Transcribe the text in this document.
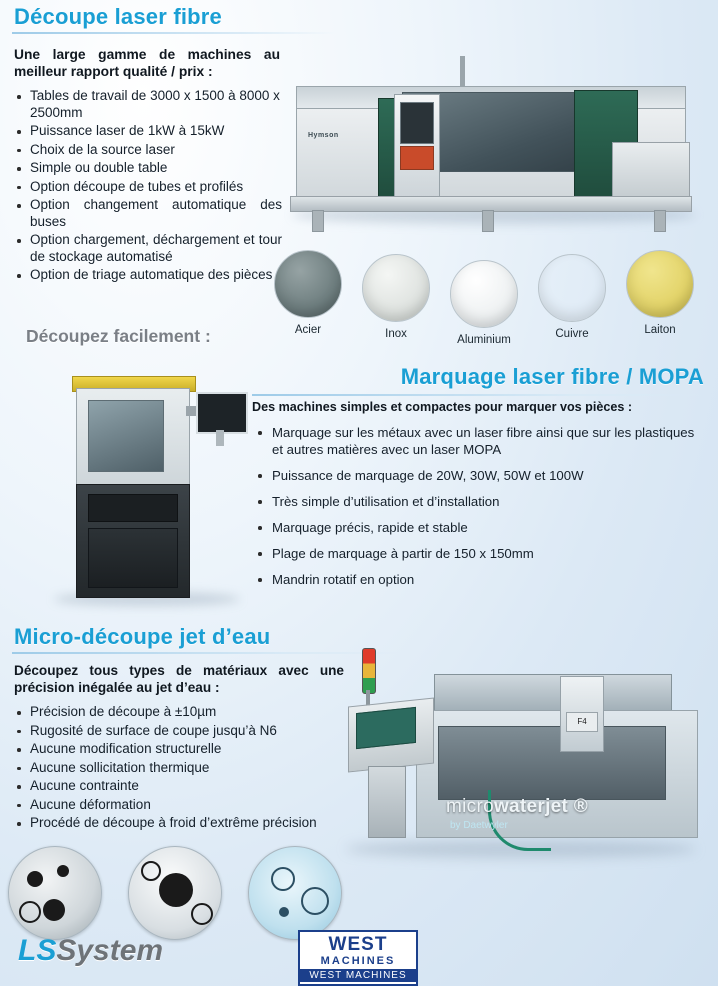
Découpe laser fibre
Une large gamme de machines au meilleur rapport qualité / prix :
Tables de travail de 3000 x 1500 à 8000 x 2500mm
Puissance laser de 1kW à 15kW
Choix de la source laser
Simple ou double table
Option découpe de tubes et profilés
Option changement automatique des buses
Option chargement, déchargement et tour de stockage automatisé
Option de triage automatique des pièces
Hymson
Acier	Inox	Aluminium	Cuivre	Laiton
Découpez facilement :
Marquage laser fibre / MOPA
Des machines simples et compactes pour marquer vos pièces :
Marquage sur les métaux avec un laser fibre ainsi que sur les plastiques et autres matières avec un laser MOPA
Puissance de marquage de 20W, 30W, 50W et 100W
Très simple d’utilisation et d’installation
Marquage précis, rapide et stable
Plage de marquage à partir de 150 x 150mm
Mandrin rotatif en option
Micro-découpe jet d’eau
Découpez tous types de matériaux avec une précision inégalée au jet d’eau :
Précision de découpe à ±10µm
Rugosité de surface de coupe jusqu’à N6
Aucune modification structurelle
Aucune sollicitation thermique
Aucune contrainte
Aucune déformation
Procédé de découpe à froid d’extrême précision
F4
microwaterjet ®
by Daetwyler
LSSystem	WEST
MACHINES
WEST MACHINES
